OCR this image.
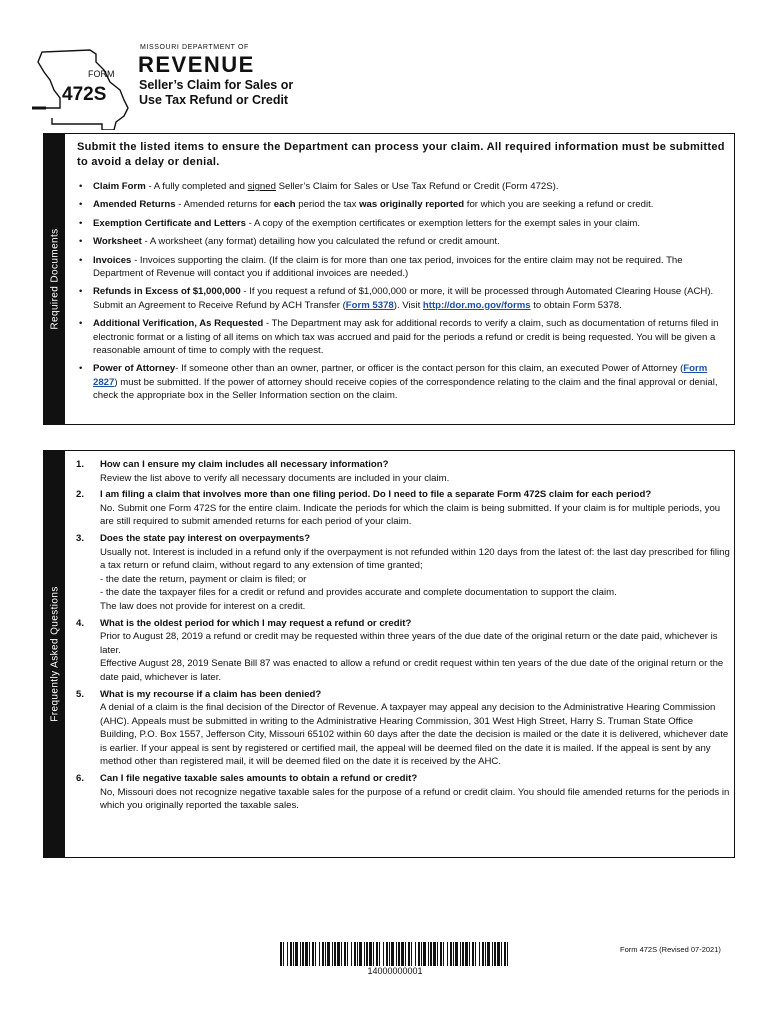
FORM
472S
MISSOURI DEPARTMENT OF
REVENUE
Seller’s Claim for Sales or
Use Tax Refund or Credit
Required Documents
Submit the listed items to ensure the Department can process your claim. All required information must be submitted to avoid a delay or denial.
• Claim Form - A fully completed and signed Seller’s Claim for Sales or Use Tax Refund or Credit (Form 472S).
• Amended Returns - Amended returns for each period the tax was originally reported for which you are seeking a refund or credit.
• Exemption Certificate and Letters - A copy of the exemption certificates or exemption letters for the exempt sales in your claim.
• Worksheet - A worksheet (any format) detailing how you calculated the refund or credit amount.
• Invoices - Invoices supporting the claim. (If the claim is for more than one tax period, invoices for the entire claim may not be required. The Department of Revenue will contact you if additional invoices are needed.)
• Refunds in Excess of $1,000,000 - If you request a refund of $1,000,000 or more, it will be processed through Automated Clearing House (ACH). Submit an Agreement to Receive Refund by ACH Transfer (Form 5378). Visit http://dor.mo.gov/forms to obtain Form 5378.
• Additional Verification, As Requested - The Department may ask for additional records to verify a claim, such as documentation of returns filed in electronic format or a listing of all items on which tax was accrued and paid for the periods a refund or credit is being requested. You will be given a reasonable amount of time to comply with the request.
• Power of Attorney- If someone other than an owner, partner, or officer is the contact person for this claim, an executed Power of Attorney (Form 2827) must be submitted. If the power of attorney should receive copies of the correspondence relating to the claim and the final approval or denial, check the appropriate box in the Seller Information section on the claim.
Frequently Asked Questions
1. How can I ensure my claim includes all necessary information?
Review the list above to verify all necessary documents are included in your claim.
2. I am filing a claim that involves more than one filing period. Do I need to file a separate Form 472S claim for each period?
No. Submit one Form 472S for the entire claim. Indicate the periods for which the claim is being submitted. If your claim is for multiple periods, you are still required to submit amended returns for each period of your claim.
3. Does the state pay interest on overpayments?
Usually not. Interest is included in a refund only if the overpayment is not refunded within 120 days from the latest of: the last day prescribed for filing a tax return or refund claim, without regard to any extension of time granted;
- the date the return, payment or claim is filed; or
- the date the taxpayer files for a credit or refund and provides accurate and complete documentation to support the claim.
The law does not provide for interest on a credit.
4. What is the oldest period for which I may request a refund or credit?
Prior to August 28, 2019 a refund or credit may be requested within three years of the due date of the original return or the date paid, whichever is later.
Effective August 28, 2019 Senate Bill 87 was enacted to allow a refund or credit request within ten years of the due date of the original return or the date paid, whichever is later.
5. What is my recourse if a claim has been denied?
A denial of a claim is the final decision of the Director of Revenue. A taxpayer may appeal any decision to the Administrative Hearing Commission (AHC). Appeals must be submitted in writing to the Administrative Hearing Commission, 301 West High Street, Harry S. Truman State Office Building, P.O. Box 1557, Jefferson City, Missouri 65102 within 60 days after the date the decision is mailed or the date it is delivered, whichever date is earlier. If your appeal is sent by registered or certified mail, the appeal will be deemed filed on the date it is mailed. If the appeal is sent by any method other than registered mail, it will be deemed filed on the date it is received by the AHC.
6. Can I file negative taxable sales amounts to obtain a refund or credit?
No, Missouri does not recognize negative taxable sales for the purpose of a refund or credit claim. You should file amended returns for the periods in which you originally reported the taxable sales.
14000000001
Form 472S (Revised 07-2021)
